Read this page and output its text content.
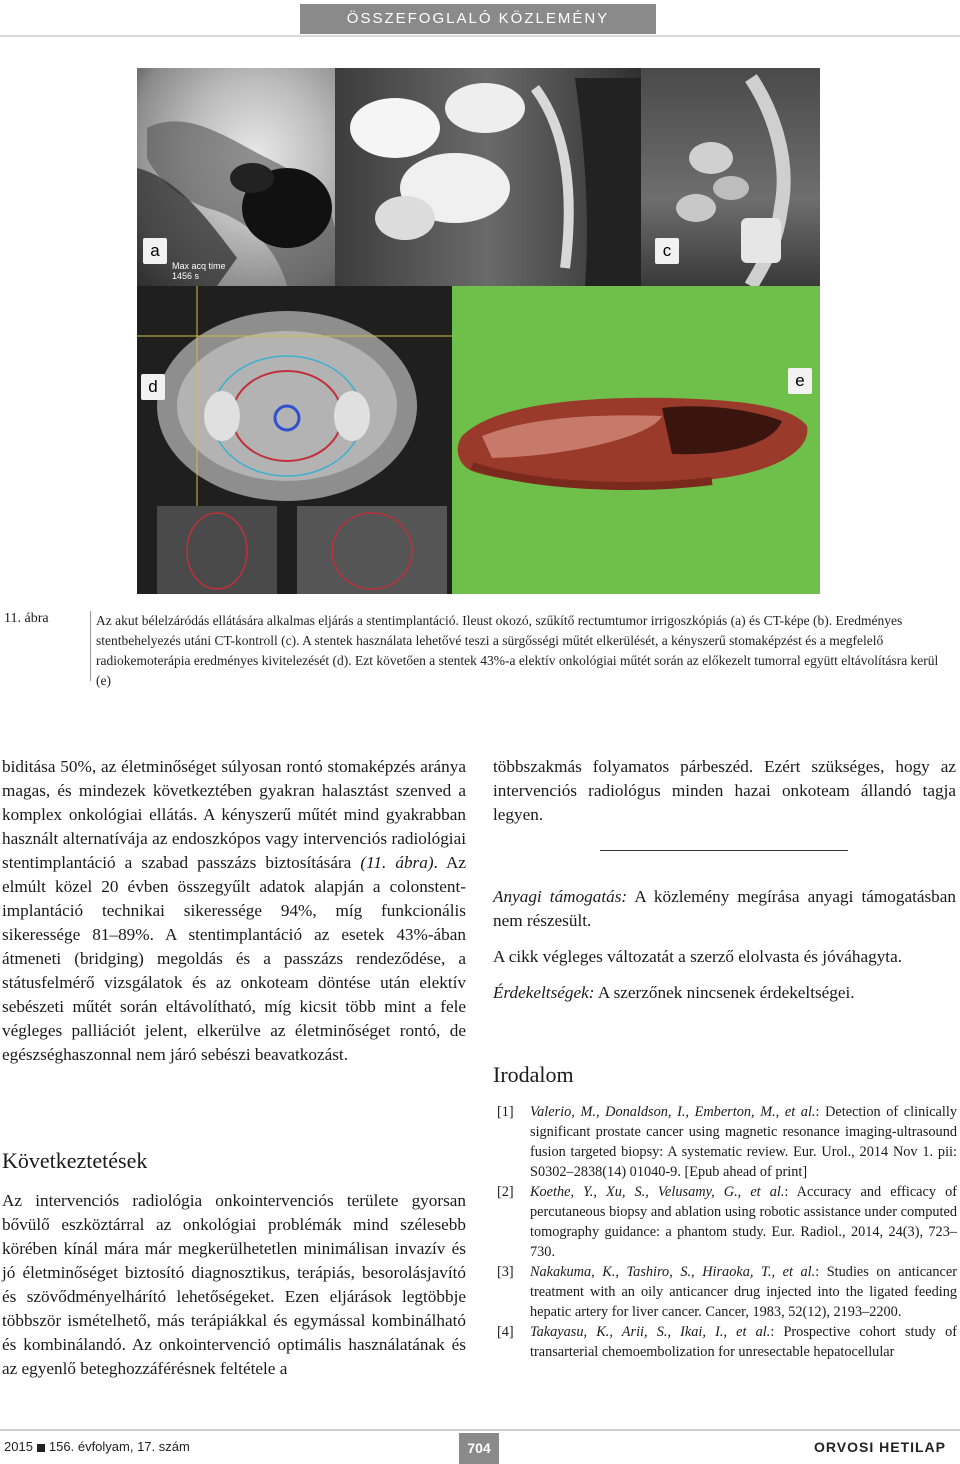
ÖSSZEFOGLALÓ KÖZLEMÉNY
a
Max acq time
1456 s
c
d	e
11. ábra	Az akut bélelzáródás ellátására alkalmas eljárás a stentimplantáció. Ileust okozó, szűkítő rectumtumor irrigoszkópiás (a) és CT-képe (b). Eredményes stentbehelyezés utáni CT-kontroll (c). A stentek használata lehetővé teszi a sürgősségi műtét elkerülését, a kényszerű stomaképzést és a megfelelő radiokemoterápia eredményes kivitelezését (d). Ezt követően a stentek 43%-a elektív onkológiai műtét során az előkezelt tumorral együtt eltávolításra kerül (e)

biditása 50%, az életminőséget súlyosan rontó stomaképzés aránya magas, és mindezek következtében gyakran halasztást szenved a komplex onkológiai ellátás. A kényszerű műtét mind gyakrabban használt alternatívája az endoszkópos vagy intervenciós radiológiai stentimplantáció a szabad passzázs biztosítására (11. ábra). Az elmúlt közel 20 évben összegyűlt adatok alapján a colonstent-implantáció technikai sikeressége 94%, míg funkcionális sikeressége 81–89%. A stentimplantáció az esetek 43%-ában átmeneti (bridging) megoldás és a passzázs rendeződése, a státusfelmérő vizsgálatok és az onkoteam döntése után elektív sebészeti műtét során eltávolítható, míg kicsit több mint a fele végleges palliációt jelent, elkerülve az életminőséget rontó, de egészséghaszonnal nem járó sebészi beavatkozást.

Következtetések
Az intervenciós radiológia onkointervenciós területe gyorsan bővülő eszköztárral az onkológiai problémák mind szélesebb körében kínál mára már megkerülhetetlen minimálisan invazív és jó életminőséget biztosító diagnosztikus, terápiás, besorolásjavító és szövődményelhárító lehetőségeket. Ezen eljárások legtöbbje többször ismételhető, más terápiákkal és egymással kombinálható és kombinálandó. Az onkointervenció optimális használatának és az egyenlő beteghozzáférésnek feltétele a

többszakmás folyamatos párbeszéd. Ezért szükséges, hogy az intervenciós radiológus minden hazai onkoteam állandó tagja legyen.

Anyagi támogatás: A közlemény megírása anyagi támogatásban nem részesült.

A cikk végleges változatát a szerző elolvasta és jóváhagyta.

Érdekeltségek: A szerzőnek nincsenek érdekeltségei.

Irodalom
[1]	Valerio, M., Donaldson, I., Emberton, M., et al.: Detection of clinically significant prostate cancer using magnetic resonance imaging-ultrasound fusion targeted biopsy: A systematic review. Eur. Urol., 2014 Nov 1. pii: S0302–2838(14) 01040-9. [Epub ahead of print]
[2]	Koethe, Y., Xu, S., Velusamy, G., et al.: Accuracy and efficacy of percutaneous biopsy and ablation using robotic assistance under computed tomography guidance: a phantom study. Eur. Radiol., 2014, 24(3), 723–730.
[3]	Nakakuma, K., Tashiro, S., Hiraoka, T., et al.: Studies on anticancer treatment with an oily anticancer drug injected into the ligated feeding hepatic artery for liver cancer. Cancer, 1983, 52(12), 2193–2200.
[4]	Takayasu, K., Arii, S., Ikai, I., et al.: Prospective cohort study of transarterial chemoembolization for unresectable hepatocellular
2015 156. évfolyam, 17. szám	704	ORVOSI HETILAP
